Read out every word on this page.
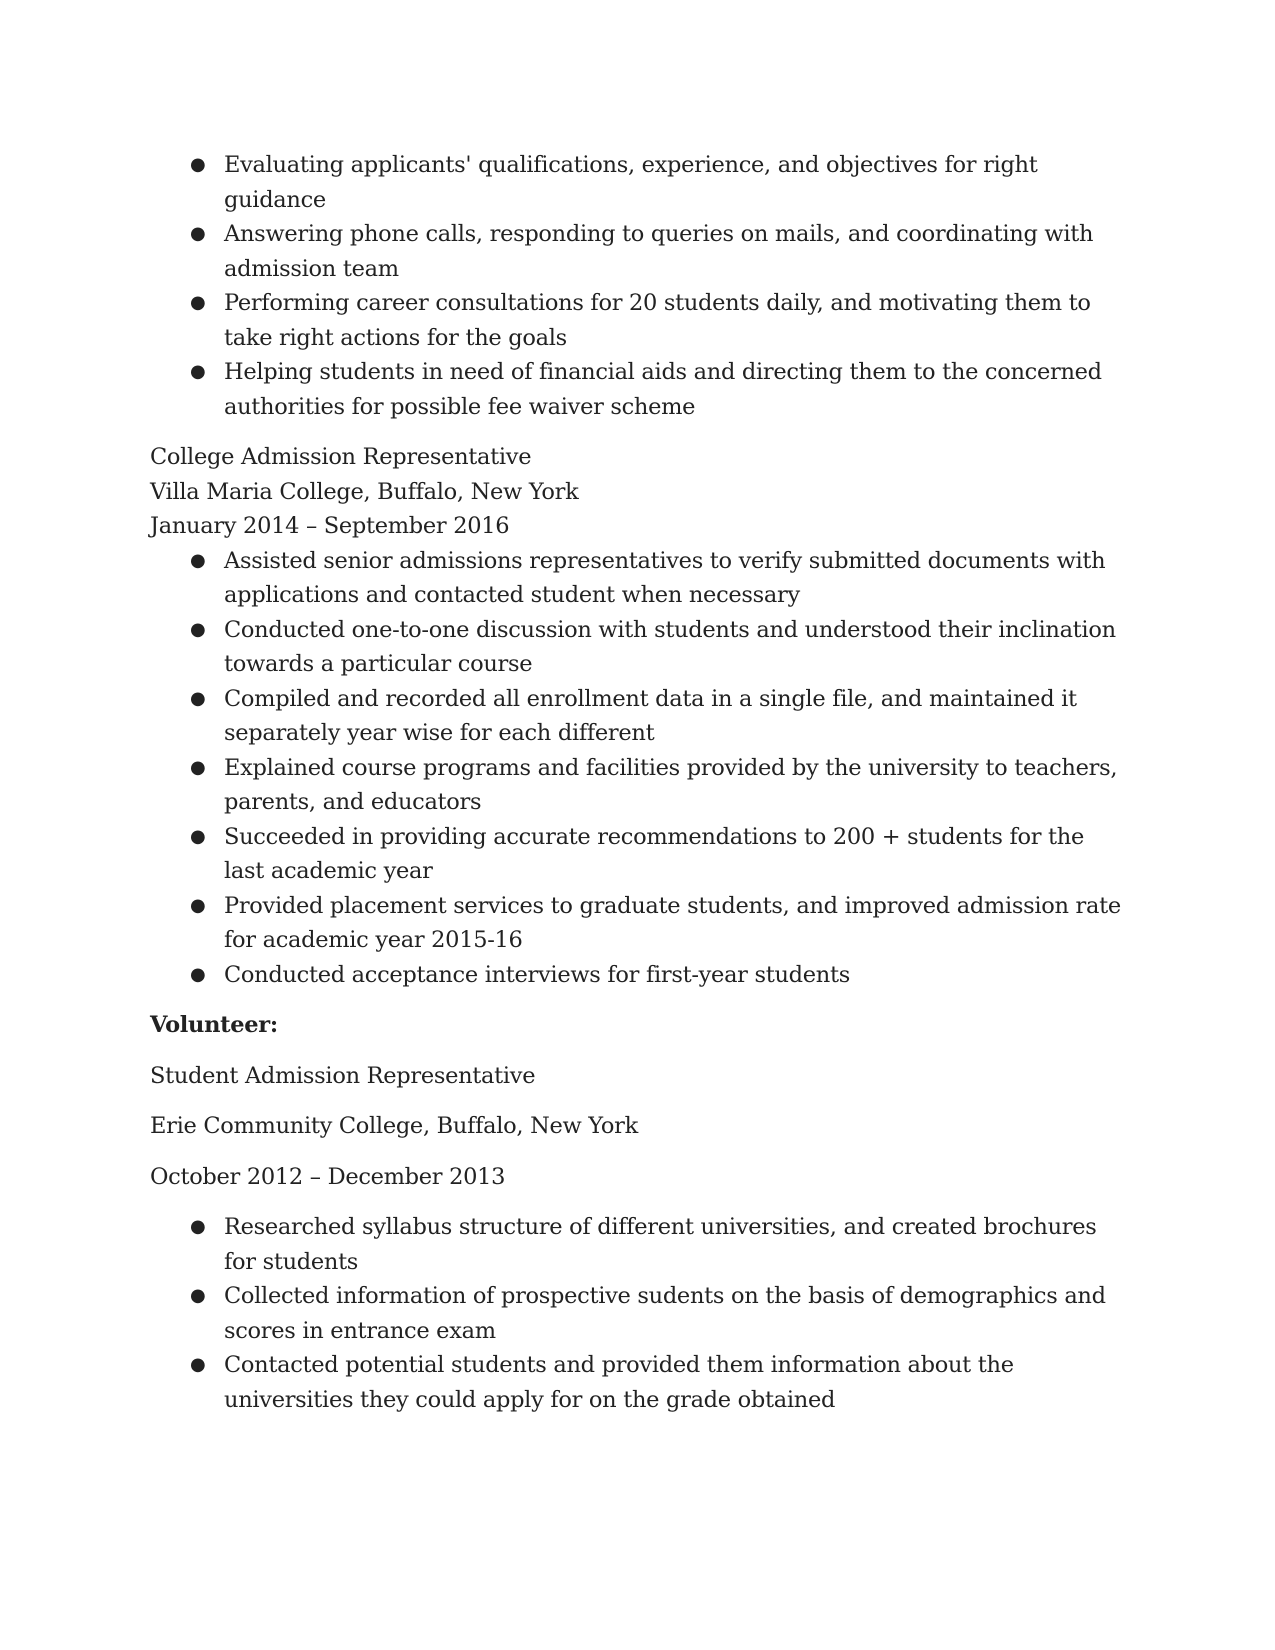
● Evaluating applicants' qualifications, experience, and objectives for right guidance
● Answering phone calls, responding to queries on mails, and coordinating with admission team
● Performing career consultations for 20 students daily, and motivating them to take right actions for the goals
● Helping students in need of financial aids and directing them to the concerned authorities for possible fee waiver scheme
College Admission Representative
Villa Maria College, Buffalo, New York
January 2014 – September 2016
● Assisted senior admissions representatives to verify submitted documents with applications and contacted student when necessary
● Conducted one-to-one discussion with students and understood their inclination towards a particular course
● Compiled and recorded all enrollment data in a single file, and maintained it separately year wise for each different
● Explained course programs and facilities provided by the university to teachers, parents, and educators
● Succeeded in providing accurate recommendations to 200 + students for the last academic year
● Provided placement services to graduate students, and improved admission rate for academic year 2015-16
● Conducted acceptance interviews for first-year students
Volunteer:
Student Admission Representative
Erie Community College, Buffalo, New York
October 2012 – December 2013
● Researched syllabus structure of different universities, and created brochures for students
● Collected information of prospective sudents on the basis of demographics and scores in entrance exam
● Contacted potential students and provided them information about the universities they could apply for on the grade obtained
